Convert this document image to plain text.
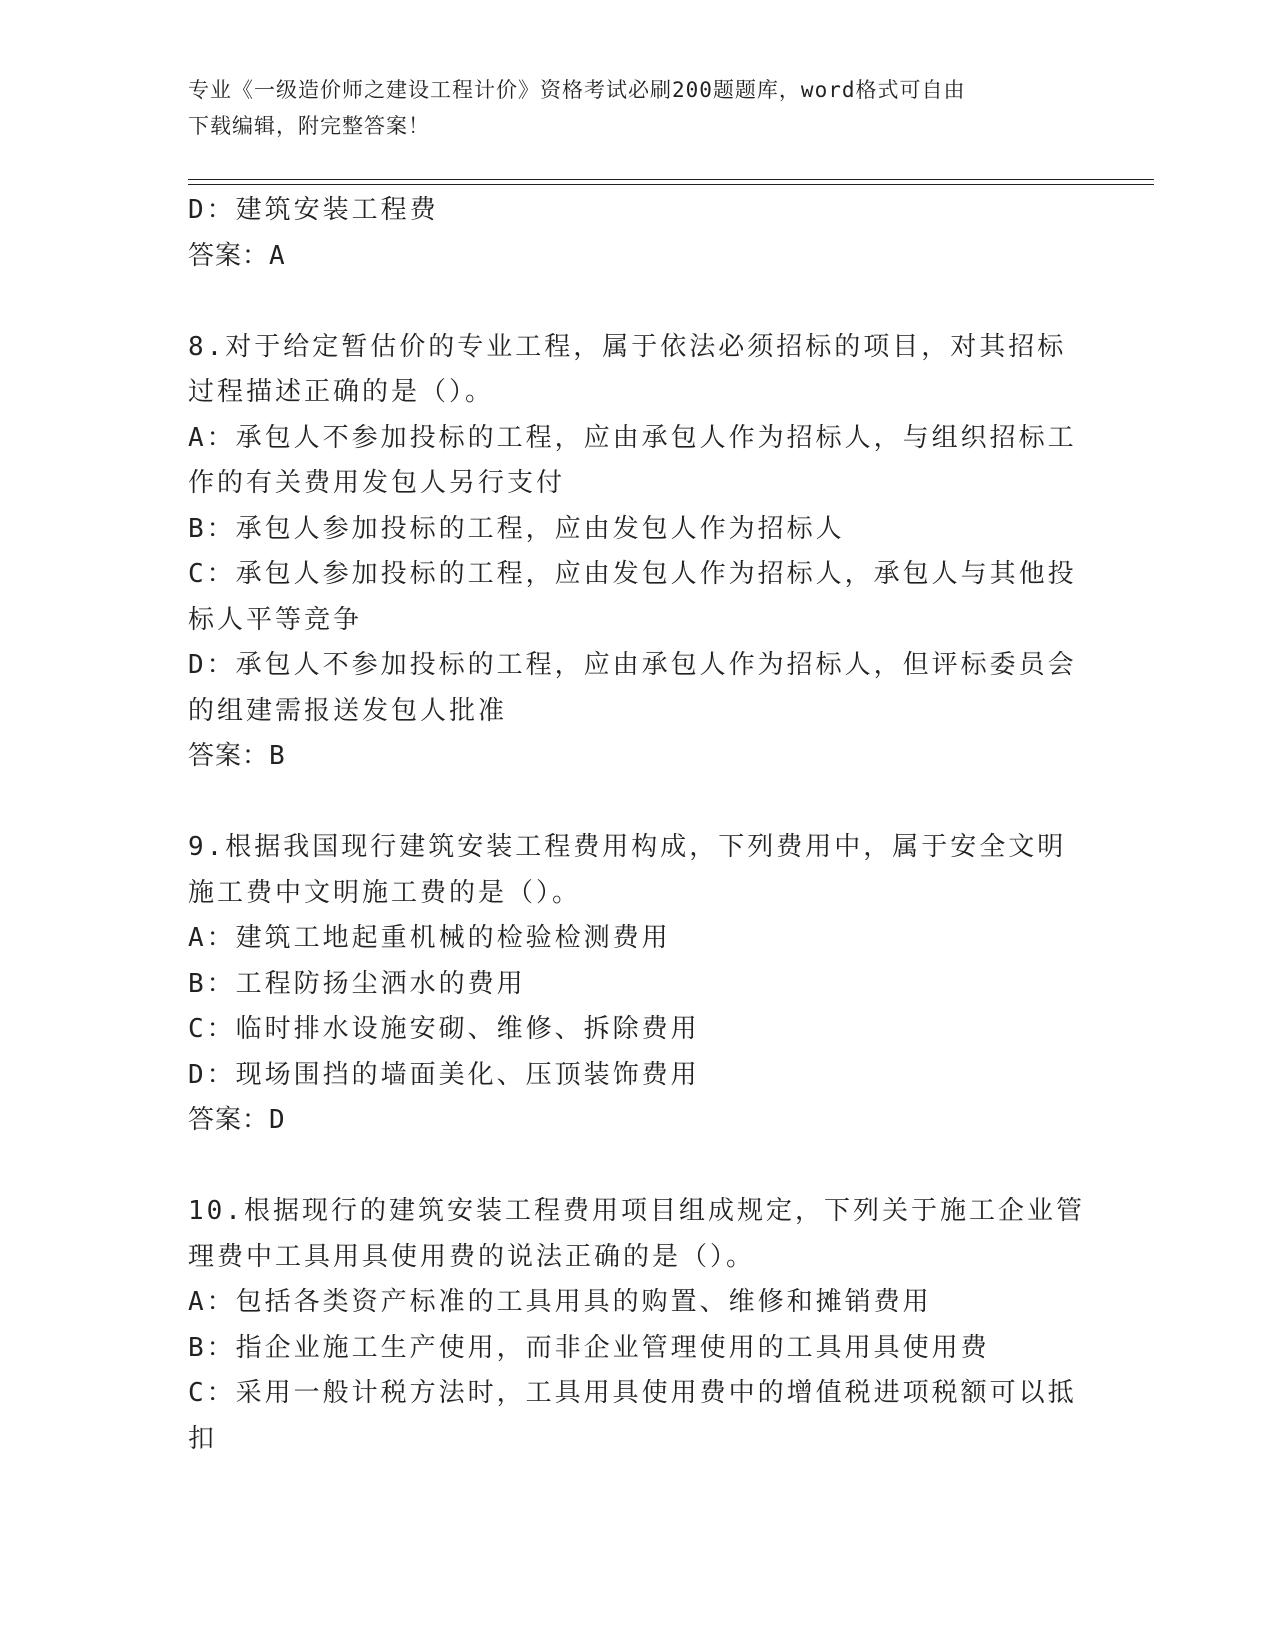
专业《一级造价师之建设工程计价》资格考试必刷200题题库，word格式可自由
下载编辑，附完整答案！
D：建筑安装工程费
答案：A
8.对于给定暂估价的专业工程，属于依法必须招标的项目，对其招标
过程描述正确的是（）。
A：承包人不参加投标的工程，应由承包人作为招标人，与组织招标工
作的有关费用发包人另行支付
B：承包人参加投标的工程，应由发包人作为招标人
C：承包人参加投标的工程，应由发包人作为招标人，承包人与其他投
标人平等竞争
D：承包人不参加投标的工程，应由承包人作为招标人，但评标委员会
的组建需报送发包人批准
答案：B
9.根据我国现行建筑安装工程费用构成，下列费用中，属于安全文明
施工费中文明施工费的是（）。
A：建筑工地起重机械的检验检测费用
B：工程防扬尘洒水的费用
C：临时排水设施安砌、维修、拆除费用
D：现场围挡的墙面美化、压顶装饰费用
答案：D
10.根据现行的建筑安装工程费用项目组成规定，下列关于施工企业管
理费中工具用具使用费的说法正确的是（）。
A：包括各类资产标准的工具用具的购置、维修和摊销费用
B：指企业施工生产使用，而非企业管理使用的工具用具使用费
C：采用一般计税方法时，工具用具使用费中的增值税进项税额可以抵
扣
